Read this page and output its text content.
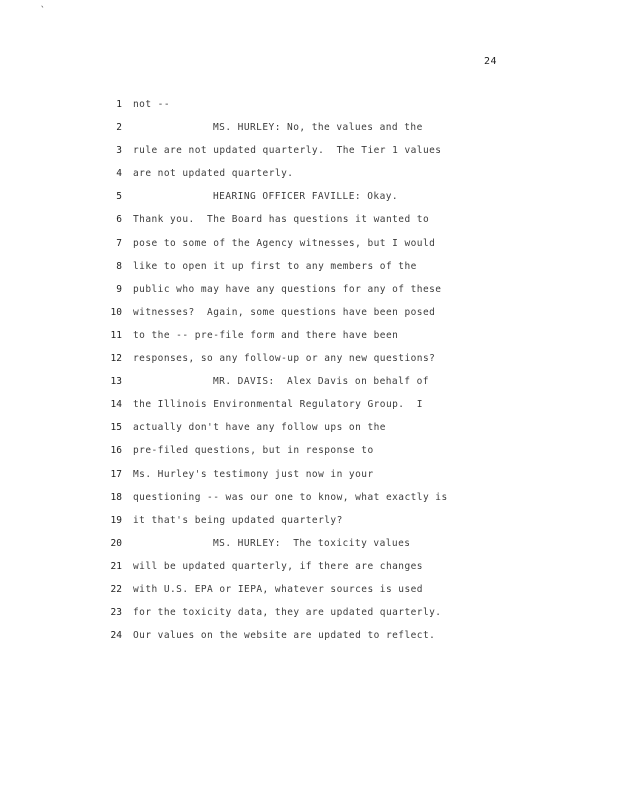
`
24
1 not --
2	MS. HURLEY: No, the values and the
3 rule are not updated quarterly.  The Tier 1 values
4 are not updated quarterly.
5	HEARING OFFICER FAVILLE: Okay.
6 Thank you.  The Board has questions it wanted to
7 pose to some of the Agency witnesses, but I would
8 like to open it up first to any members of the
9 public who may have any questions for any of these
10 witnesses?  Again, some questions have been posed
11 to the -- pre-file form and there have been
12 responses, so any follow-up or any new questions?
13	MR. DAVIS:  Alex Davis on behalf of
14 the Illinois Environmental Regulatory Group.  I
15 actually don't have any follow ups on the
16 pre-filed questions, but in response to
17 Ms. Hurley's testimony just now in your
18 questioning -- was our one to know, what exactly is
19 it that's being updated quarterly?
20	MS. HURLEY:  The toxicity values
21 will be updated quarterly, if there are changes
22 with U.S. EPA or IEPA, whatever sources is used
23 for the toxicity data, they are updated quarterly.
24 Our values on the website are updated to reflect.
